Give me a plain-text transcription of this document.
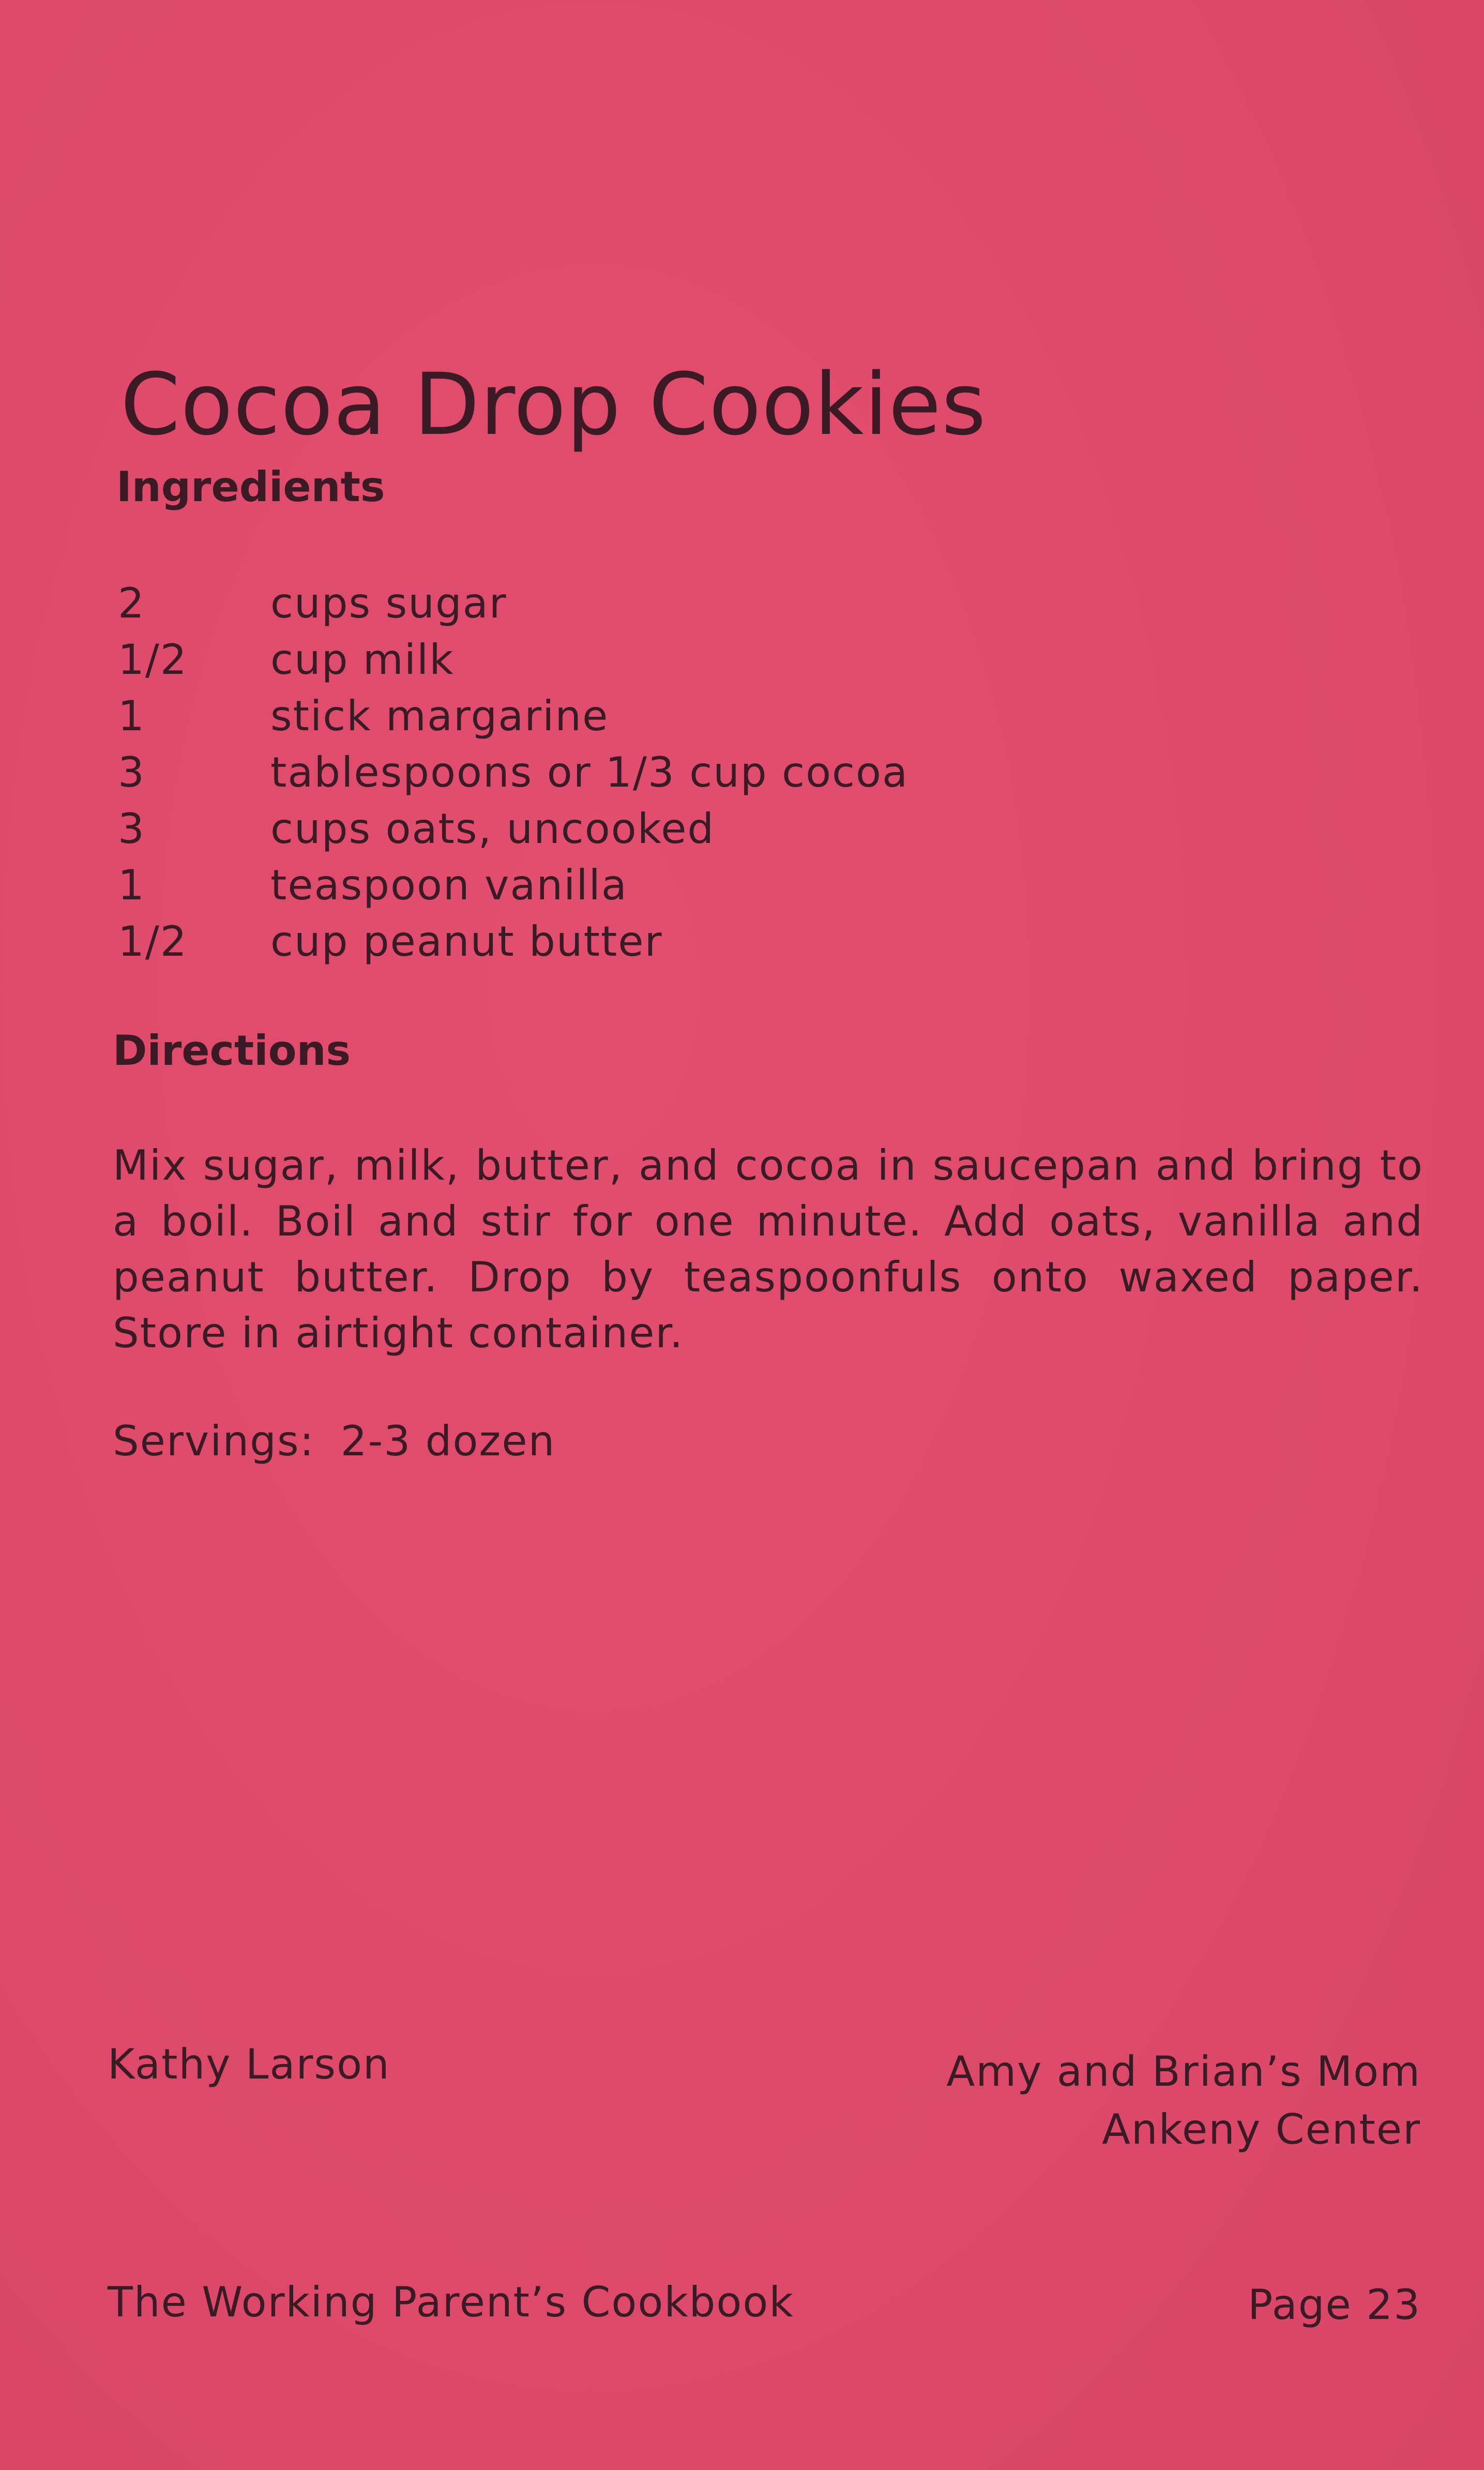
Cocoa Drop Cookies
Ingredients
2	cups sugar
1/2	cup milk
1	stick margarine
3	tablespoons or 1/3 cup cocoa
3	cups oats, uncooked
1	teaspoon vanilla
1/2	cup peanut butter
Directions

Mix sugar, milk, butter, and cocoa in saucepan and bring to a boil. Boil and stir for one minute. Add oats, vanilla and peanut butter. Drop by teaspoonfuls onto waxed paper. Store in airtight container.

Servings: 2-3 dozen
Kathy Larson	Amy and Brian’s Mom
Ankeny Center
The Working Parent’s Cookbook	Page 23
